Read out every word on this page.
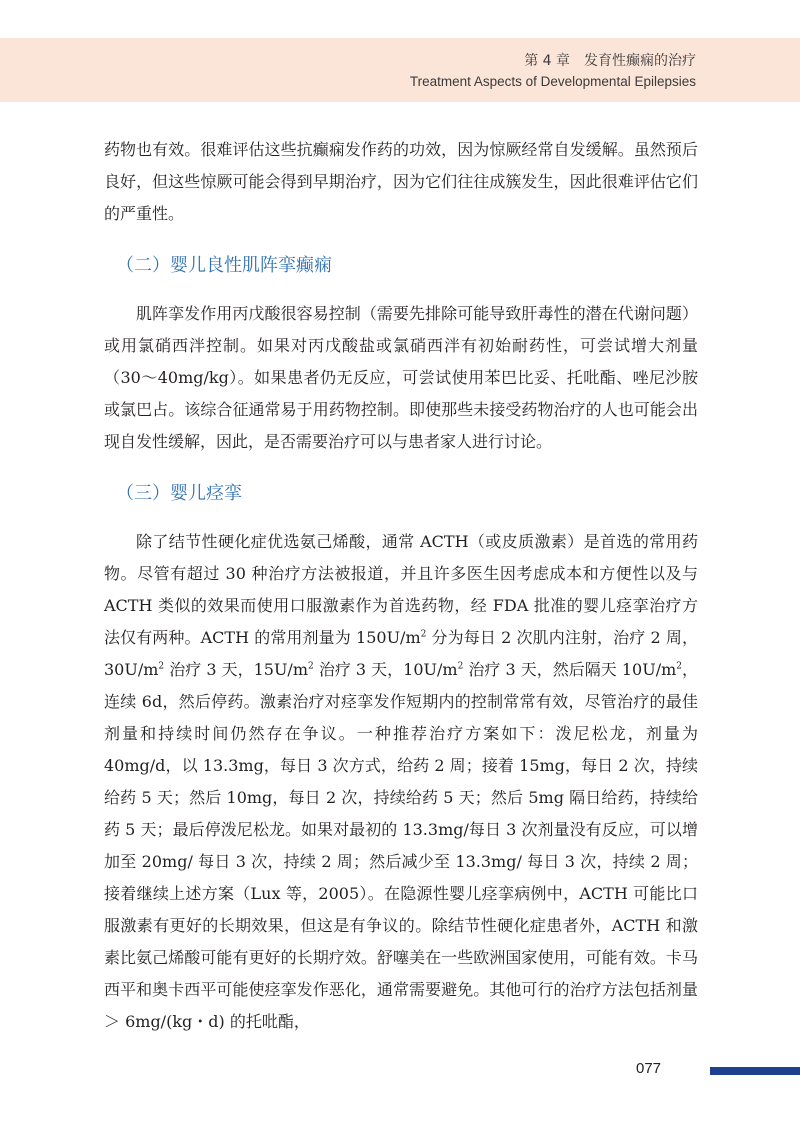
第 4 章　发育性癫痫的治疗
Treatment Aspects of Developmental Epilepsies

药物也有效。很难评估这些抗癫痫发作药的功效，因为惊厥经常自发缓解。虽然预后良好，但这些惊厥可能会得到早期治疗，因为它们往往成簇发生，因此很难评估它们的严重性。

（二）婴儿良性肌阵挛癫痫

肌阵挛发作用丙戊酸很容易控制（需要先排除可能导致肝毒性的潜在代谢问题）或用氯硝西泮控制。如果对丙戊酸盐或氯硝西泮有初始耐药性，可尝试增大剂量（30～40mg/kg）。如果患者仍无反应，可尝试使用苯巴比妥、托吡酯、唑尼沙胺或氯巴占。该综合征通常易于用药物控制。即使那些未接受药物治疗的人也可能会出现自发性缓解，因此，是否需要治疗可以与患者家人进行讨论。

（三）婴儿痉挛

除了结节性硬化症优选氨己烯酸，通常 ACTH（或皮质激素）是首选的常用药物。尽管有超过 30 种治疗方法被报道，并且许多医生因考虑成本和方便性以及与 ACTH 类似的效果而使用口服激素作为首选药物，经 FDA 批准的婴儿痉挛治疗方法仅有两种。ACTH 的常用剂量为 $150U/m^2$ 分为每日 2 次肌内注射，治疗 2 周，$30U/m^2$ 治疗 3 天，$15U/m^2$ 治疗 3 天，$10U/m^2$ 治疗 3 天，然后隔天 $10U/m^2$，连续 6d，然后停药。激素治疗对痉挛发作短期内的控制常常有效，尽管治疗的最佳剂量和持续时间仍然存在争议。一种推荐治疗方案如下：泼尼松龙，剂量为 40mg/d，以 13.3mg，每日 3 次方式，给药 2 周；接着 15mg，每日 2 次，持续给药 5 天；然后 10mg，每日 2 次，持续给药 5 天；然后 5mg 隔日给药，持续给药 5 天；最后停泼尼松龙。如果对最初的 13.3mg/每日 3 次剂量没有反应，可以增加至 20mg/ 每日 3 次，持续 2 周；然后减少至 13.3mg/ 每日 3 次，持续 2 周；接着继续上述方案（Lux 等，2005）。在隐源性婴儿痉挛病例中，ACTH 可能比口服激素有更好的长期效果，但这是有争议的。除结节性硬化症患者外，ACTH 和激素比氨己烯酸可能有更好的长期疗效。舒噻美在一些欧洲国家使用，可能有效。卡马西平和奥卡西平可能使痉挛发作恶化，通常需要避免。其他可行的治疗方法包括剂量＞ 6mg/(kg・d) 的托吡酯，

077
